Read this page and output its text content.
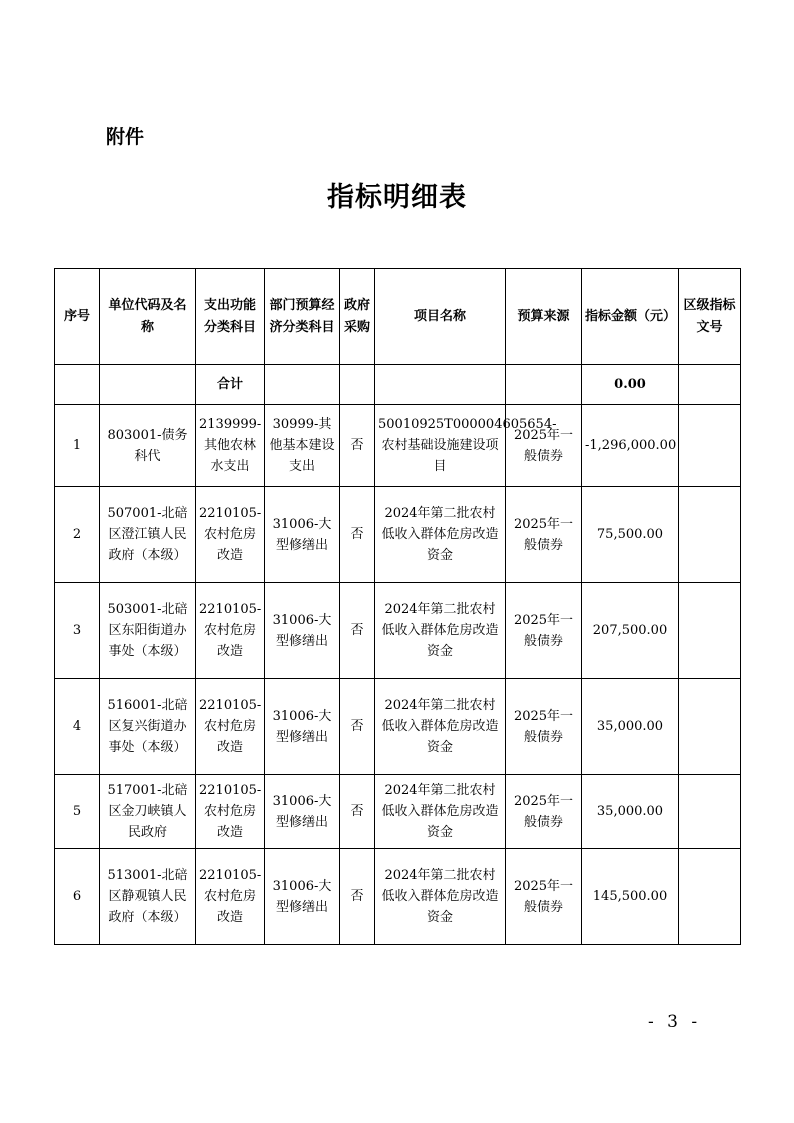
附件
指标明细表
序号	单位代码及名称	支出功能分类科目	部门预算经济分类科目	政府采购	项目名称	预算来源	指标金额（元）	区级指标文号
		合计					0.00	
1	803001-债务科代	2139999-其他农林水支出	30999-其他基本建设支出	否	50010925T000004605654-农村基础设施建设项目	2025年一般债券	-1,296,000.00	
2	507001-北碚区澄江镇人民政府（本级）	2210105-农村危房改造	31006-大型修缮出	否	2024年第二批农村低收入群体危房改造资金	2025年一般债券	75,500.00	
3	503001-北碚区东阳街道办事处（本级）	2210105-农村危房改造	31006-大型修缮出	否	2024年第二批农村低收入群体危房改造资金	2025年一般债券	207,500.00	
4	516001-北碚区复兴街道办事处（本级）	2210105-农村危房改造	31006-大型修缮出	否	2024年第二批农村低收入群体危房改造资金	2025年一般债券	35,000.00	
5	517001-北碚区金刀峡镇人民政府	2210105-农村危房改造	31006-大型修缮出	否	2024年第二批农村低收入群体危房改造资金	2025年一般债券	35,000.00	
6	513001-北碚区静观镇人民政府（本级）	2210105-农村危房改造	31006-大型修缮出	否	2024年第二批农村低收入群体危房改造资金	2025年一般债券	145,500.00	
- 3 -
